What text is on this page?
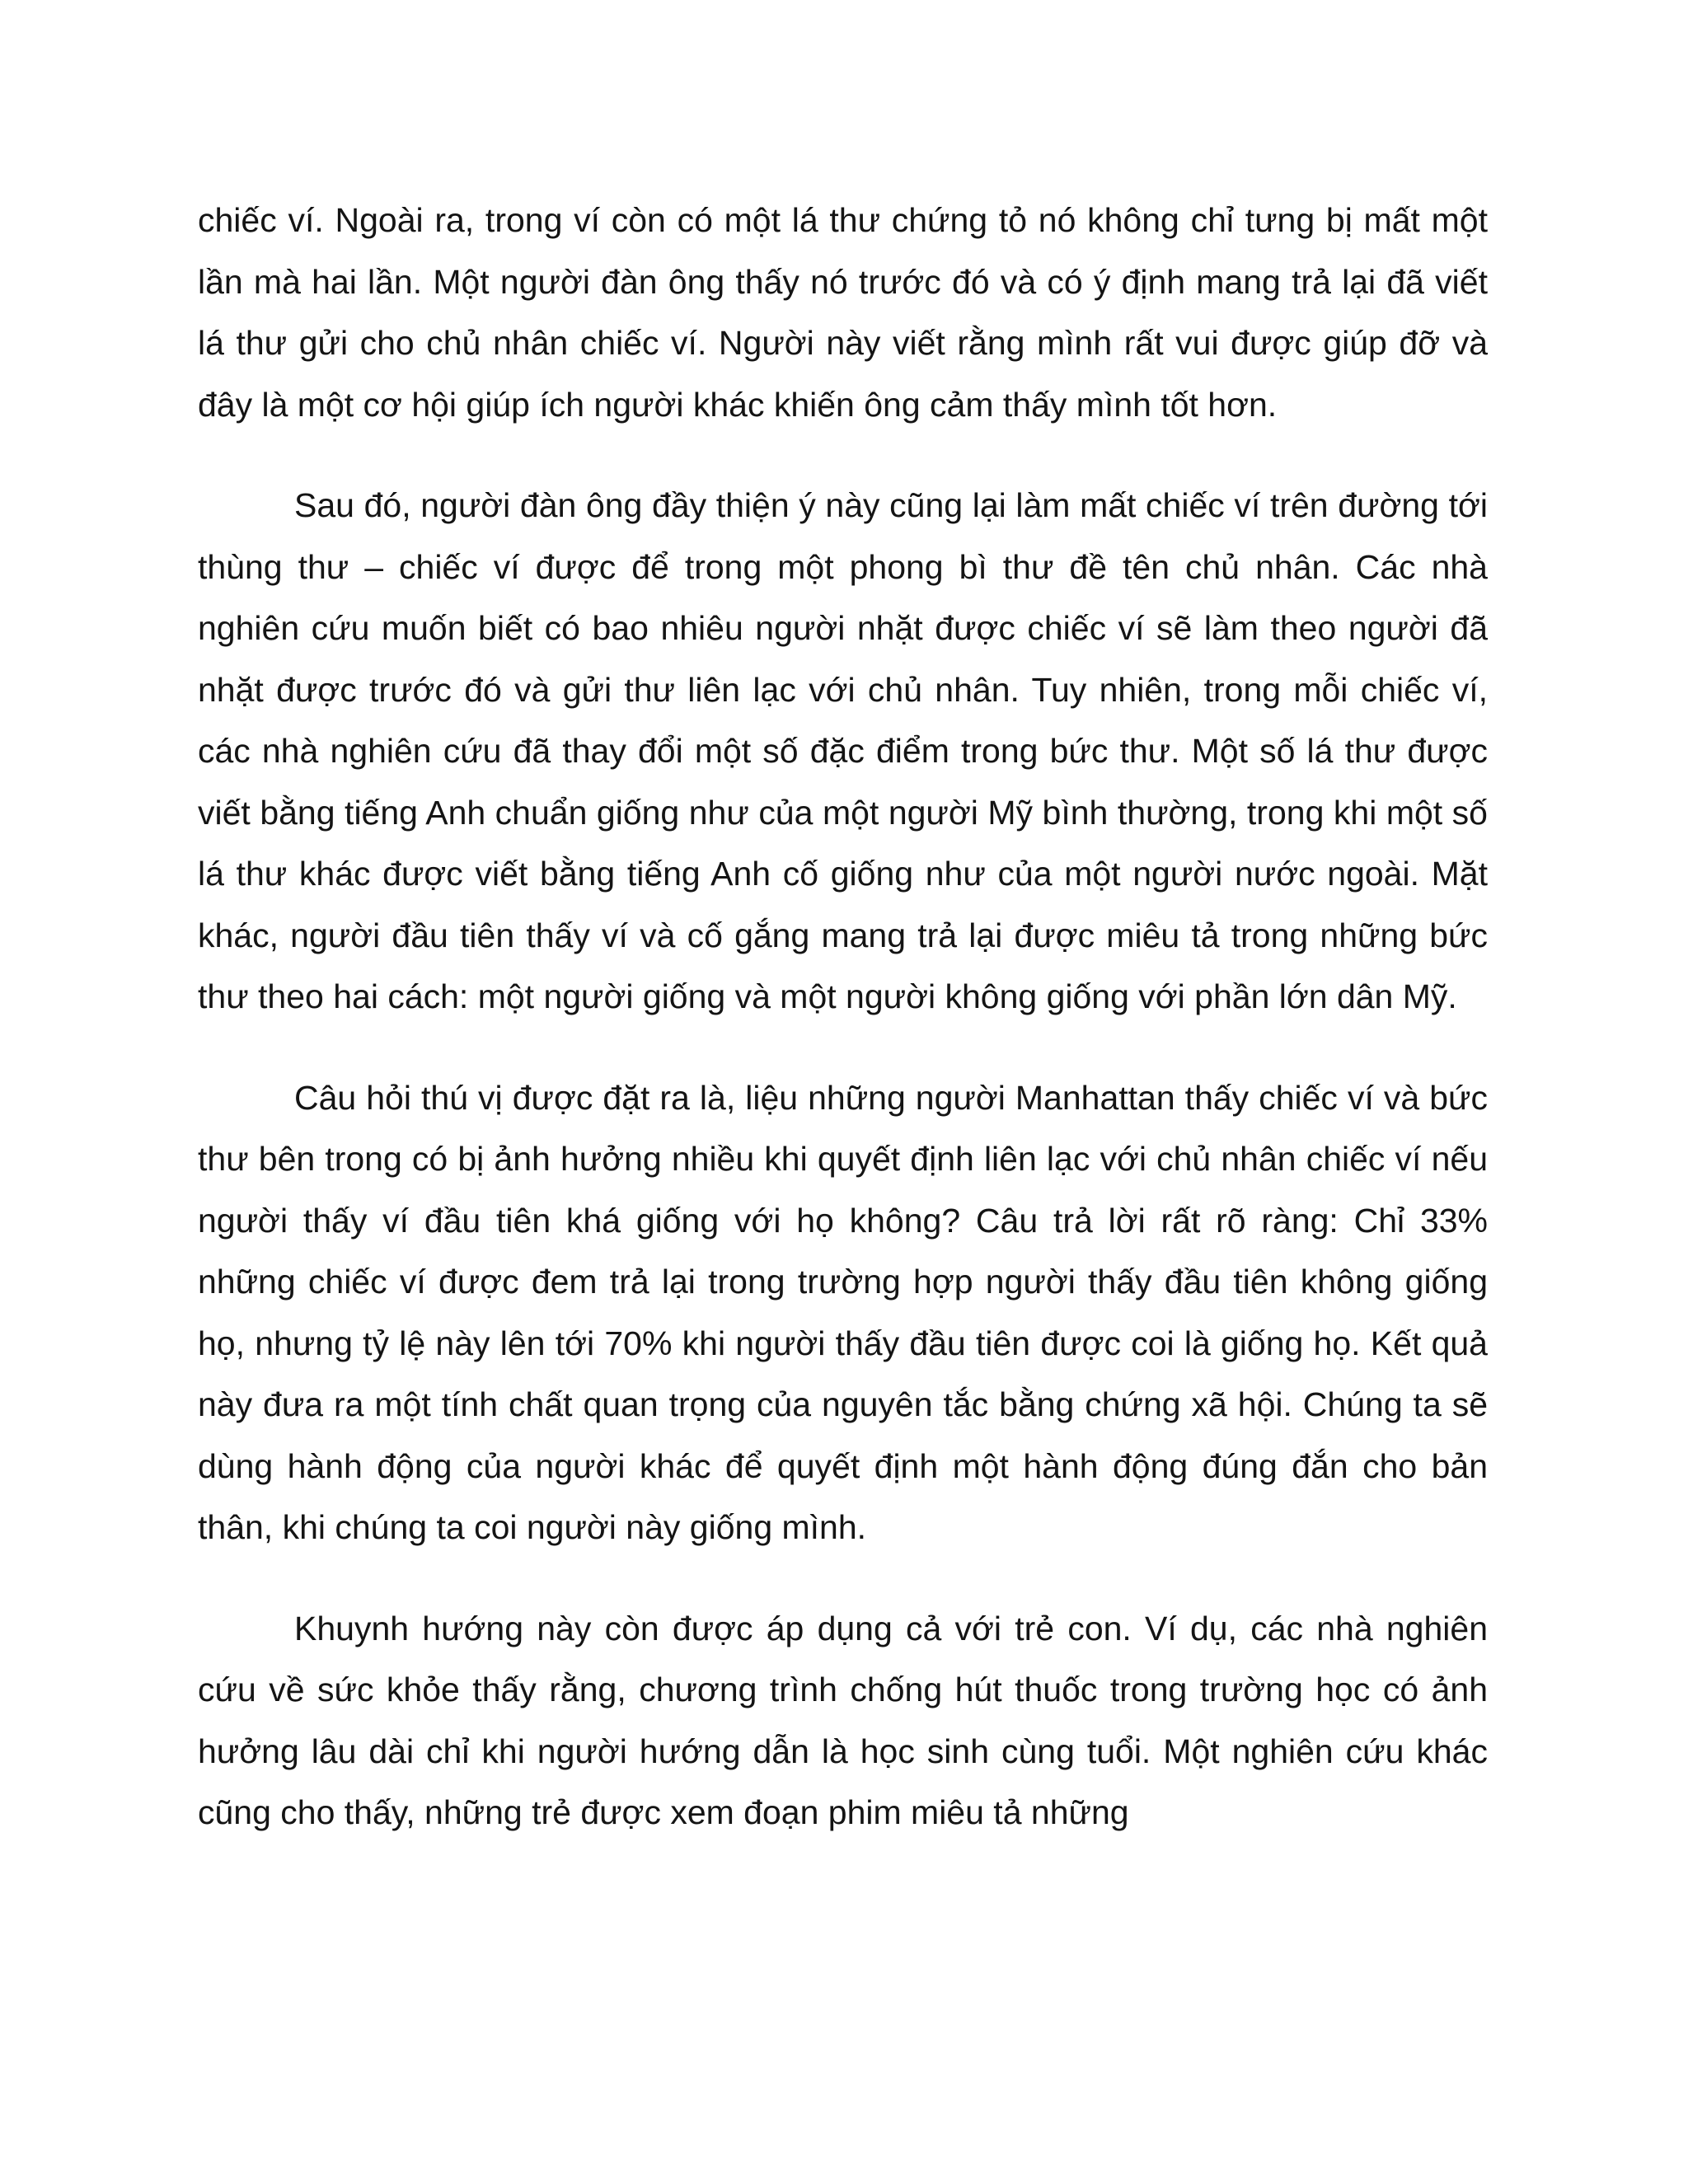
chiếc ví. Ngoài ra, trong ví còn có một lá thư chứng tỏ nó không chỉ tưng bị mất một lần mà hai lần. Một người đàn ông thấy nó trước đó và có ý định mang trả lại đã viết lá thư gửi cho chủ nhân chiếc ví. Người này viết rằng mình rất vui được giúp đỡ và đây là một cơ hội giúp ích người khác khiến ông cảm thấy mình tốt hơn.

Sau đó, người đàn ông đầy thiện ý này cũng lại làm mất chiếc ví trên đường tới thùng thư – chiếc ví được để trong một phong bì thư đề tên chủ nhân. Các nhà nghiên cứu muốn biết có bao nhiêu người nhặt được chiếc ví sẽ làm theo người đã nhặt được trước đó và gửi thư liên lạc với chủ nhân. Tuy nhiên, trong mỗi chiếc ví, các nhà nghiên cứu đã thay đổi một số đặc điểm trong bức thư. Một số lá thư được viết bằng tiếng Anh chuẩn giống như của một người Mỹ bình thường, trong khi một số lá thư khác được viết bằng tiếng Anh cố giống như của một người nước ngoài. Mặt khác, người đầu tiên thấy ví và cố gắng mang trả lại được miêu tả trong những bức thư theo hai cách: một người giống và một người không giống với phần lớn dân Mỹ.

Câu hỏi thú vị được đặt ra là, liệu những người Manhattan thấy chiếc ví và bức thư bên trong có bị ảnh hưởng nhiều khi quyết định liên lạc với chủ nhân chiếc ví nếu người thấy ví đầu tiên khá giống với họ không? Câu trả lời rất rõ ràng: Chỉ 33% những chiếc ví được đem trả lại trong trường hợp người thấy đầu tiên không giống họ, nhưng tỷ lệ này lên tới 70% khi người thấy đầu tiên được coi là giống họ. Kết quả này đưa ra một tính chất quan trọng của nguyên tắc bằng chứng xã hội. Chúng ta sẽ dùng hành động của người khác để quyết định một hành động đúng đắn cho bản thân, khi chúng ta coi người này giống mình.

Khuynh hướng này còn được áp dụng cả với trẻ con. Ví dụ, các nhà nghiên cứu về sức khỏe thấy rằng, chương trình chống hút thuốc trong trường học có ảnh hưởng lâu dài chỉ khi người hướng dẫn là học sinh cùng tuổi. Một nghiên cứu khác cũng cho thấy, những trẻ được xem đoạn phim miêu tả những
